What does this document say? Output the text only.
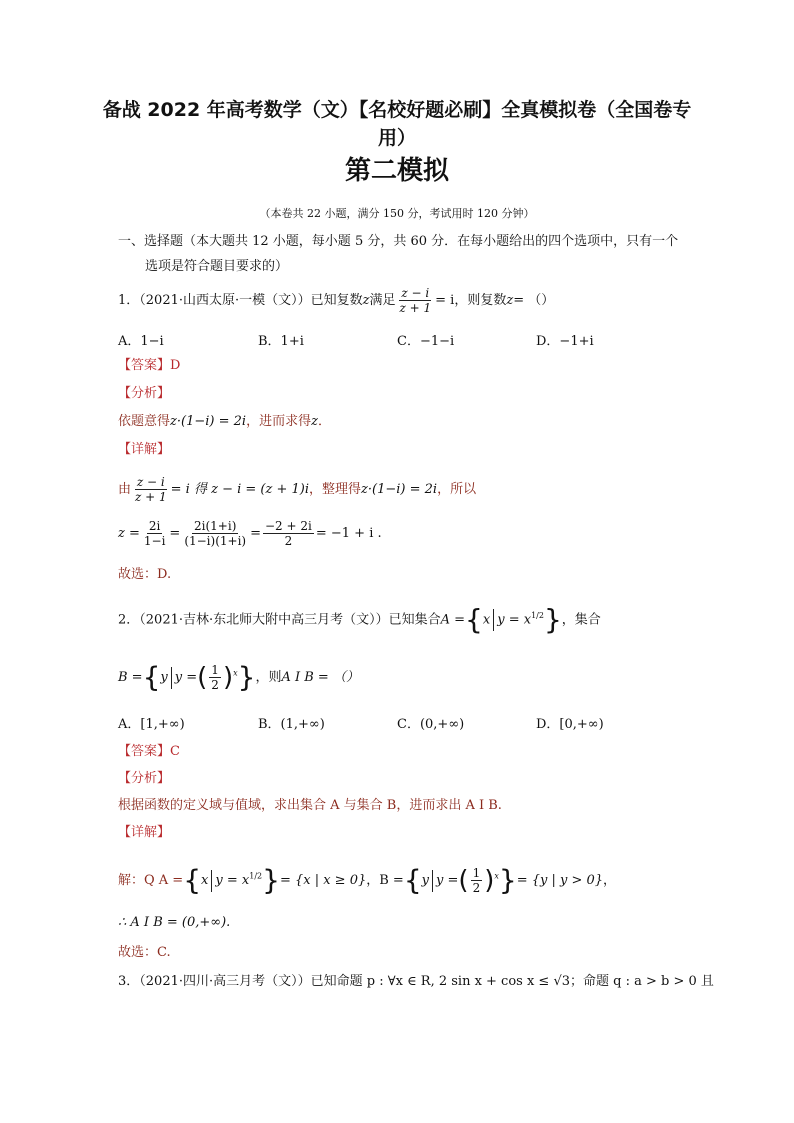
备战 2022 年高考数学（文）【名校好题必刷】全真模拟卷（全国卷专用）
第二模拟
（本卷共 22 小题，满分 150 分，考试用时 120 分钟）
一、选择题（本大题共 12 小题，每小题 5 分，共 60 分．在每小题给出的四个选项中，只有一个
选项是符合题目要求的）
1．（2021·山西太原·一模（文））已知复数z满足 $\frac{z - i}{z + 1} = i$，则复数z= （）
A．1−i	B．1+i	C．−1−i	D．−1+i
【答案】D
【分析】
依题意得z·(1−i) = 2i，进而求得z．
【详解】
由 $\frac{z - i}{z + 1} = i$ 得 z − i = (z + 1)i，整理得z·(1−i) = 2i，所以
$z = \frac{2i}{1-i} = \frac{2i(1+i)}{(1-i)(1+i)} = \frac{-2 + 2i}{2} = -1 + i$ .
故选：D.
2．（2021·吉林·东北师大附中高三月考（文））已知集合A ={x $y = x^{1/2}$}，集合
B ={y y =( $\frac{1}{2} )^x$}，则A I B = （）
A．[1,+∞)	B．(1,+∞)	C．(0,+∞)	D．[0,+∞)
【答案】C
【分析】
根据函数的定义域与值域，求出集合 A 与集合 B，进而求出 A I B.
【详解】
解：Q A ={x $y = x^{1/2}\}= \{x$ | x ≥ 0}，B ={y y =( $\frac{1}{2} )^x\}= \{y$ | y > 0}，
∴ A I B = (0,+∞).
故选：C.
3．（2021·四川·高三月考（文））已知命题 p : ∀x ∈ R, 2 sin x + cos x ≤ √3；命题 q : a > b > 0 且
